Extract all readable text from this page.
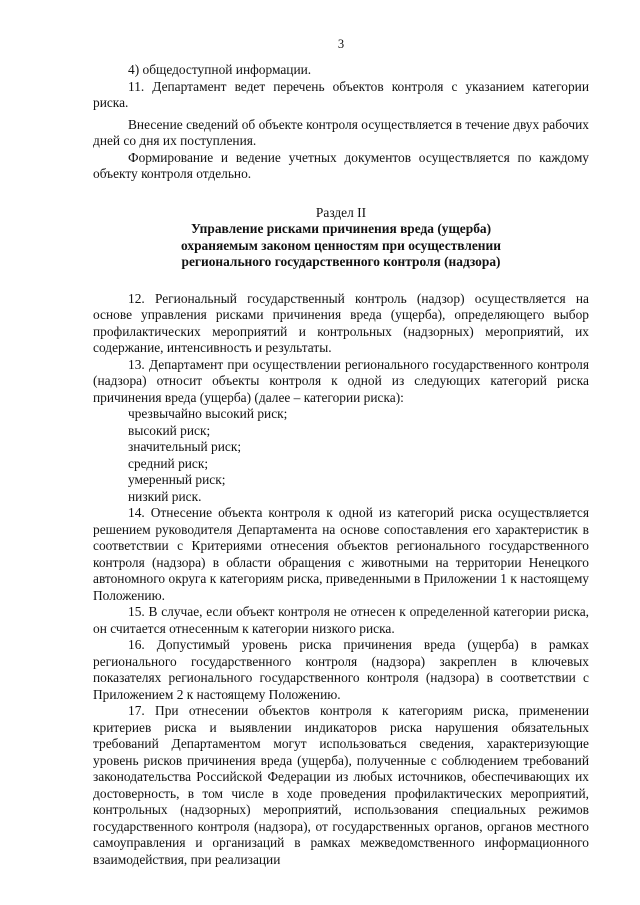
3

4) общедоступной информации.

11. Департамент ведет перечень объектов контроля с указанием категории риска.

Внесение сведений об объекте контроля осуществляется в течение двух рабочих дней со дня их поступления.

Формирование и ведение учетных документов осуществляется по каждому объекту контроля отдельно.

Раздел II

Управление рисками причинения вреда (ущерба)
охраняемым законом ценностям при осуществлении
регионального государственного контроля (надзора)

12. Региональный государственный контроль (надзор) осуществляется на основе управления рисками причинения вреда (ущерба), определяющего выбор профилактических мероприятий и контрольных (надзорных) мероприятий, их содержание, интенсивность и результаты.

13. Департамент при осуществлении регионального государственного контроля (надзора) относит объекты контроля к одной из следующих категорий риска причинения вреда (ущерба) (далее – категории риска):

чрезвычайно высокий риск;

высокий риск;

значительный риск;

средний риск;

умеренный риск;

низкий риск.

14. Отнесение объекта контроля к одной из категорий риска осуществляется решением руководителя Департамента на основе сопоставления его характеристик в соответствии с Критериями отнесения объектов регионального государственного контроля (надзора) в области обращения с животными на территории Ненецкого автономного округа к категориям риска, приведенными в Приложении 1 к настоящему Положению.

15. В случае, если объект контроля не отнесен к определенной категории риска, он считается отнесенным к категории низкого риска.

16. Допустимый уровень риска причинения вреда (ущерба) в рамках регионального государственного контроля (надзора) закреплен в ключевых показателях регионального государственного контроля (надзора) в соответствии с Приложением 2 к настоящему Положению.

17. При отнесении объектов контроля к категориям риска, применении критериев риска и выявлении индикаторов риска нарушения обязательных требований Департаментом могут использоваться сведения, характеризующие уровень рисков причинения вреда (ущерба), полученные с соблюдением требований законодательства Российской Федерации из любых источников, обеспечивающих их достоверность, в том числе в ходе проведения профилактических мероприятий, контрольных (надзорных) мероприятий, использования специальных режимов государственного контроля (надзора), от государственных органов, органов местного самоуправления и организаций в рамках межведомственного информационного взаимодействия, при реализации
